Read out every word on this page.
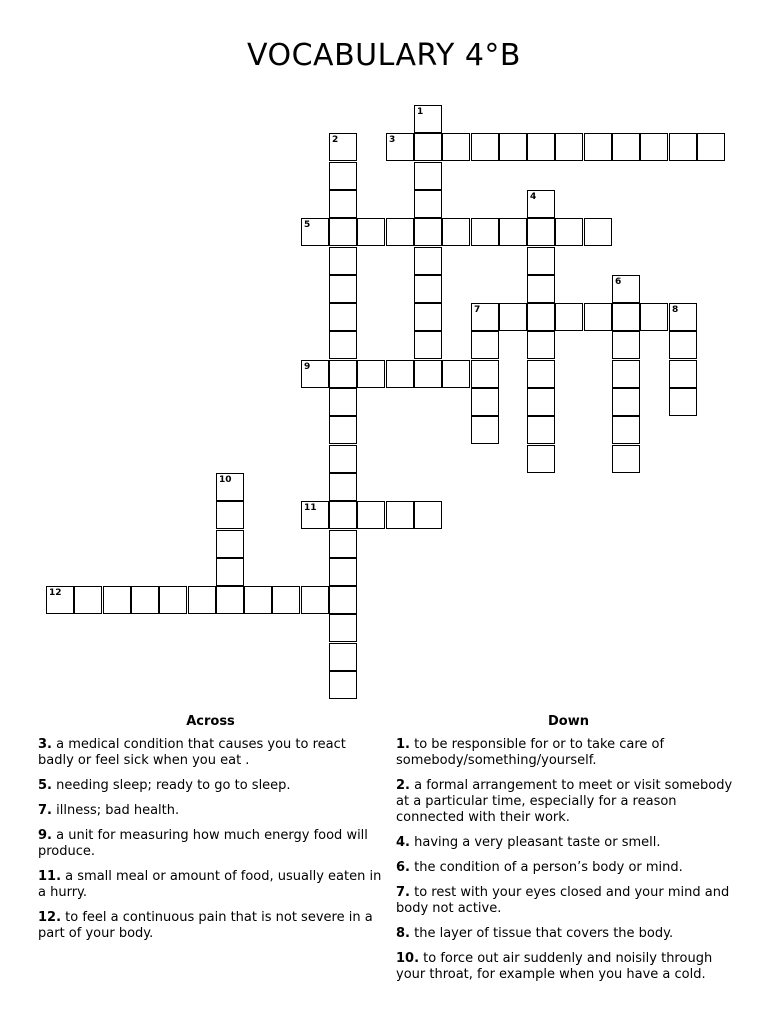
VOCABULARY 4°B
1
2	3
4
5
6
7	8
9
10
11
12
Across
3. a medical condition that causes you to react badly or feel sick when you eat .
5. needing sleep; ready to go to sleep.
7. illness; bad health.
9. a unit for measuring how much energy food will produce.
11. a small meal or amount of food, usually eaten in a hurry.
12. to feel a continuous pain that is not severe in a part of your body.
Down
1. to be responsible for or to take care of somebody/something/yourself.
2. a formal arrangement to meet or visit somebody at a particular time, especially for a reason connected with their work.
4. having a very pleasant taste or smell.
6. the condition of a person’s body or mind.
7. to rest with your eyes closed and your mind and body not active.
8. the layer of tissue that covers the body.
10. to force out air suddenly and noisily through your throat, for example when you have a cold.
